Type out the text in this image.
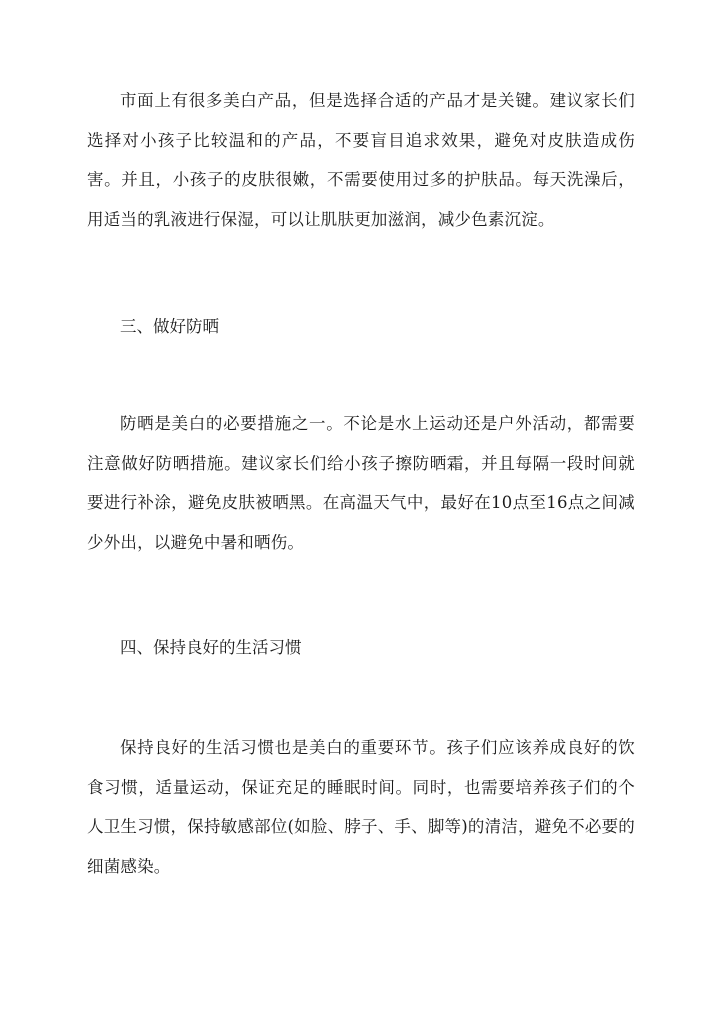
市面上有很多美白产品，但是选择合适的产品才是关键。建议家长们选择对小孩子比较温和的产品，不要盲目追求效果，避免对皮肤造成伤害。并且，小孩子的皮肤很嫩，不需要使用过多的护肤品。每天洗澡后，用适当的乳液进行保湿，可以让肌肤更加滋润，减少色素沉淀。

三、做好防晒

防晒是美白的必要措施之一。不论是水上运动还是户外活动，都需要注意做好防晒措施。建议家长们给小孩子擦防晒霜，并且每隔一段时间就要进行补涂，避免皮肤被晒黑。在高温天气中，最好在10点至16点之间减少外出，以避免中暑和晒伤。

四、保持良好的生活习惯

保持良好的生活习惯也是美白的重要环节。孩子们应该养成良好的饮食习惯，适量运动，保证充足的睡眠时间。同时，也需要培养孩子们的个人卫生习惯，保持敏感部位(如脸、脖子、手、脚等)的清洁，避免不必要的细菌感染。
